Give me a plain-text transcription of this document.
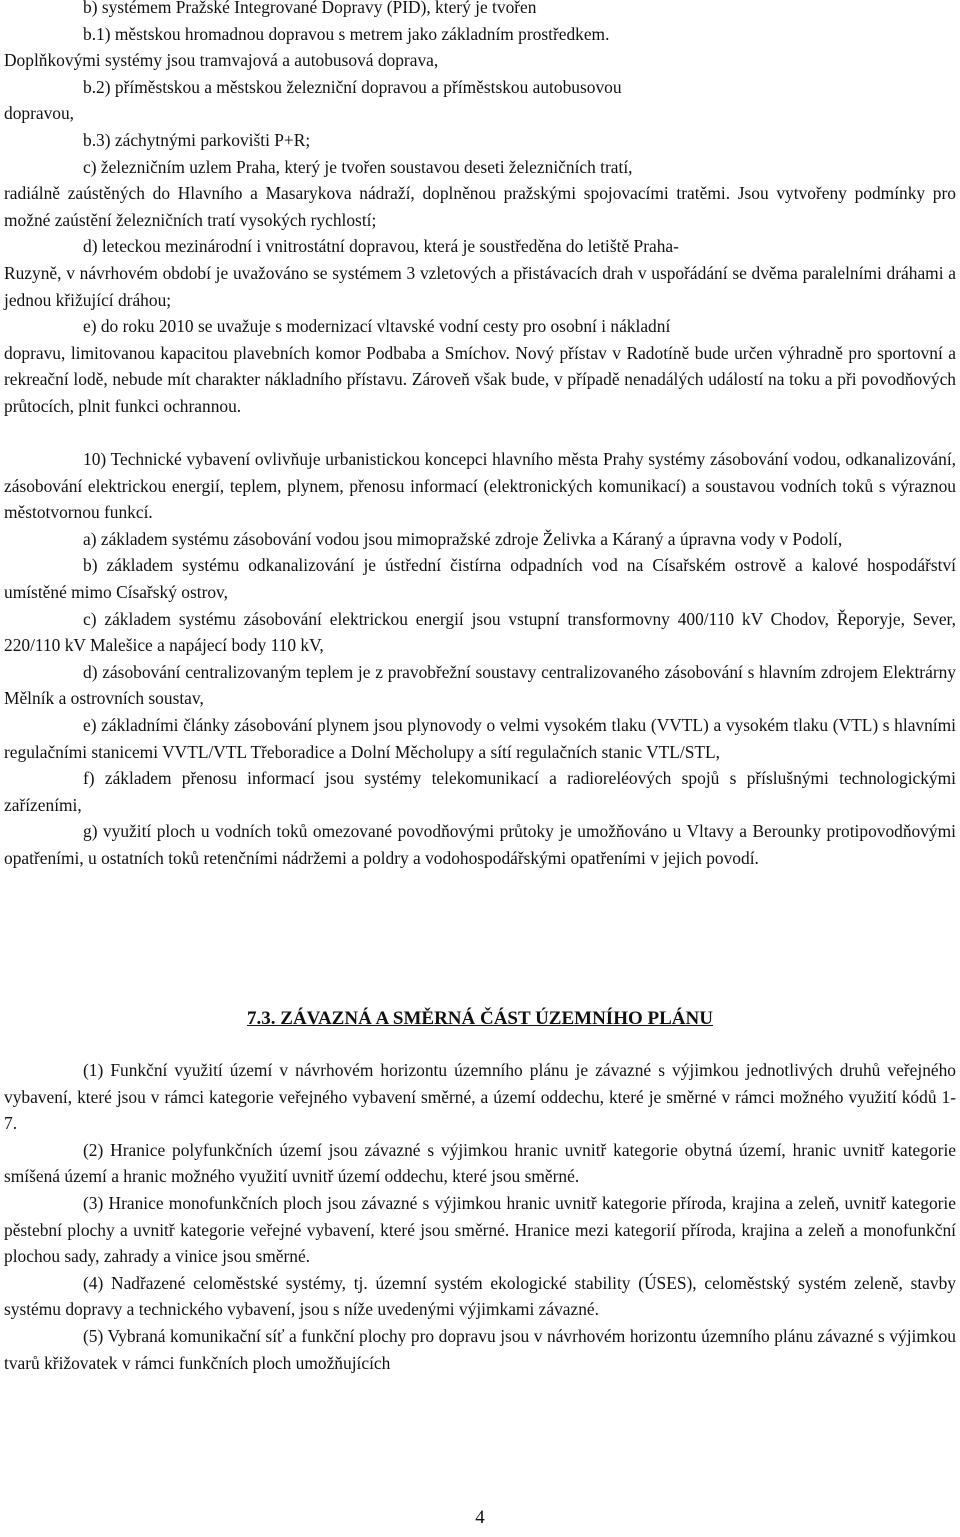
b) systémem Pražské Integrované Dopravy (PID), který je tvořen

b.1) městskou hromadnou dopravou s metrem jako základním prostředkem.

Doplňkovými systémy jsou tramvajová a autobusová doprava,

b.2) příměstskou a městskou železniční dopravou a příměstskou autobusovou

dopravou,

b.3) záchytnými parkovišti P+R;

c) železničním uzlem Praha, který je tvořen soustavou deseti železničních tratí,

radiálně zaústěných do Hlavního a Masarykova nádraží, doplněnou pražskými spojovacími tratěmi. Jsou vytvořeny podmínky pro možné zaústění železničních tratí vysokých rychlostí;

d) leteckou mezinárodní i vnitrostátní dopravou, která je soustředěna do letiště Praha-

Ruzyně, v návrhovém období je uvažováno se systémem 3 vzletových a přistávacích drah v uspořádání se dvěma paralelními dráhami a jednou křižující dráhou;

e) do roku 2010 se uvažuje s modernizací vltavské vodní cesty pro osobní i nákladní

dopravu, limitovanou kapacitou plavebních komor Podbaba a Smíchov. Nový přístav v Radotíně bude určen výhradně pro sportovní a rekreační lodě, nebude mít charakter nákladního přístavu. Zároveň však bude, v případě nenadálých událostí na toku a při povodňových průtocích, plnit funkci ochrannou.

10) Technické vybavení ovlivňuje urbanistickou koncepci hlavního města Prahy systémy zásobování vodou, odkanalizování, zásobování elektrickou energií, teplem, plynem, přenosu informací (elektronických komunikací) a soustavou vodních toků s výraznou městotvornou funkcí.

a) základem systému zásobování vodou jsou mimopražské zdroje Želivka a Káraný a úpravna vody v Podolí,

b) základem systému odkanalizování je ústřední čistírna odpadních vod na Císařském ostrově a kalové hospodářství umístěné mimo Císařský ostrov,

c) základem systému zásobování elektrickou energií jsou vstupní transformovny 400/110 kV Chodov, Řeporyje, Sever, 220/110 kV Malešice a napájecí body 110 kV,

d) zásobování centralizovaným teplem je z pravobřežní soustavy centralizovaného zásobování s hlavním zdrojem Elektrárny Mělník a ostrovních soustav,

e) základními články zásobování plynem jsou plynovody o velmi vysokém tlaku (VVTL) a vysokém tlaku (VTL) s hlavními regulačními stanicemi VVTL/VTL Třeboradice a Dolní Měcholupy a sítí regulačních stanic VTL/STL,

f) základem přenosu informací jsou systémy telekomunikací a radioreléových spojů s příslušnými technologickými zařízeními,

g) využití ploch u vodních toků omezované povodňovými průtoky je umožňováno u Vltavy a Berounky protipovodňovými opatřeními, u ostatních toků retenčními nádržemi a poldry a vodohospodářskými opatřeními v jejich povodí.

7.3. ZÁVAZNÁ A SMĚRNÁ ČÁST ÚZEMNÍHO PLÁNU

(1) Funkční využití území v návrhovém horizontu územního plánu je závazné s výjimkou jednotlivých druhů veřejného vybavení, které jsou v rámci kategorie veřejného vybavení směrné, a území oddechu, které je směrné v rámci možného využití kódů 1-7.

(2) Hranice polyfunkčních území jsou závazné s výjimkou hranic uvnitř kategorie obytná území, hranic uvnitř kategorie smíšená území a hranic možného využití uvnitř území oddechu, které jsou směrné.

(3) Hranice monofunkčních ploch jsou závazné s výjimkou hranic uvnitř kategorie příroda, krajina a zeleň, uvnitř kategorie pěstební plochy a uvnitř kategorie veřejné vybavení, které jsou směrné. Hranice mezi kategorií příroda, krajina a zeleň a monofunkční plochou sady, zahrady a vinice jsou směrné.

(4) Nadřazené celoměstské systémy, tj. územní systém ekologické stability (ÚSES), celoměstský systém zeleně, stavby systému dopravy a technického vybavení, jsou s níže uvedenými výjimkami závazné.

(5) Vybraná komunikační síť a funkční plochy pro dopravu jsou v návrhovém horizontu územního plánu závazné s výjimkou tvarů křižovatek v rámci funkčních ploch umožňujících

4
